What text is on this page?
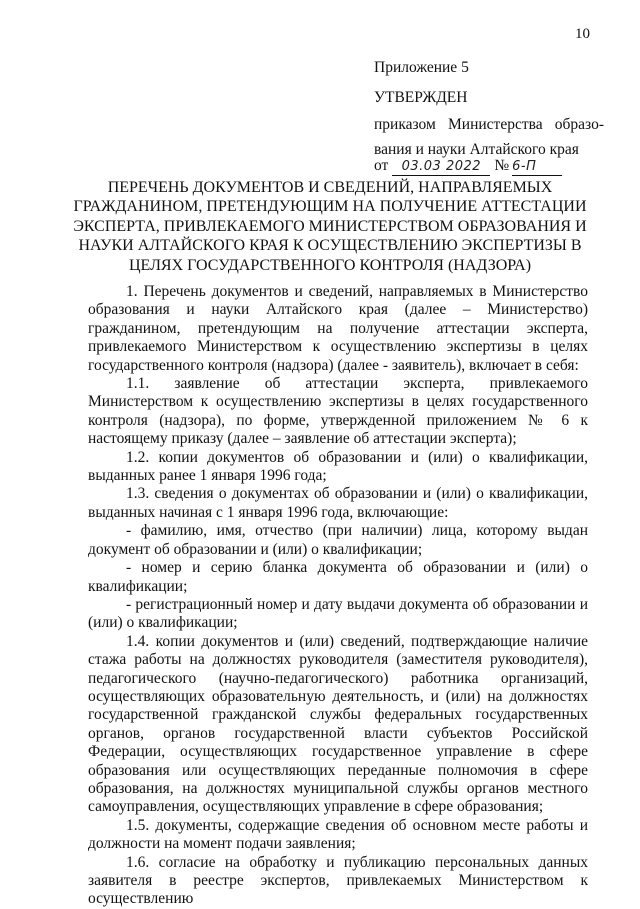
10
Приложение 5
УТВЕРЖДЕН
приказом Министерства образо-
вания и науки Алтайского края
от 03.03 2022 № 6-П
ПЕРЕЧЕНЬ ДОКУМЕНТОВ И СВЕДЕНИЙ, НАПРАВЛЯЕМЫХ
ГРАЖДАНИНОМ, ПРЕТЕНДУЮЩИМ НА ПОЛУЧЕНИЕ АТТЕСТАЦИИ
ЭКСПЕРТА, ПРИВЛЕКАЕМОГО МИНИСТЕРСТВОМ ОБРАЗОВАНИЯ И
НАУКИ АЛТАЙСКОГО КРАЯ К ОСУЩЕСТВЛЕНИЮ ЭКСПЕРТИЗЫ В
ЦЕЛЯХ ГОСУДАРСТВЕННОГО КОНТРОЛЯ (НАДЗОРА)

1. Перечень документов и сведений, направляемых в Министерство образования и науки Алтайского края (далее – Министерство) гражданином, претендующим на получение аттестации эксперта, привлекаемого Министерством к осуществлению экспертизы в целях государственного контроля (надзора) (далее - заявитель), включает в себя:

1.1. заявление об аттестации эксперта, привлекаемого Министерством к осуществлению экспертизы в целях государственного контроля (надзора), по форме, утвержденной приложением № 6 к настоящему приказу (далее – заявление об аттестации эксперта);

1.2. копии документов об образовании и (или) о квалификации, выданных ранее 1 января 1996 года;

1.3. сведения о документах об образовании и (или) о квалификации, выданных начиная с 1 января 1996 года, включающие:

- фамилию, имя, отчество (при наличии) лица, которому выдан документ об образовании и (или) о квалификации;

- номер и серию бланка документа об образовании и (или) о квалификации;

- регистрационный номер и дату выдачи документа об образовании и (или) о квалификации;

1.4. копии документов и (или) сведений, подтверждающие наличие стажа работы на должностях руководителя (заместителя руководителя), педагогического (научно-педагогического) работника организаций, осуществляющих образовательную деятельность, и (или) на должностях государственной гражданской службы федеральных государственных органов, органов государственной власти субъектов Российской Федерации, осуществляющих государственное управление в сфере образования или осуществляющих переданные полномочия в сфере образования, на должностях муниципальной службы органов местного самоуправления, осуществляющих управление в сфере образования;

1.5. документы, содержащие сведения об основном месте работы и должности на момент подачи заявления;

1.6. согласие на обработку и публикацию персональных данных заявителя в реестре экспертов, привлекаемых Министерством к осуществлению
